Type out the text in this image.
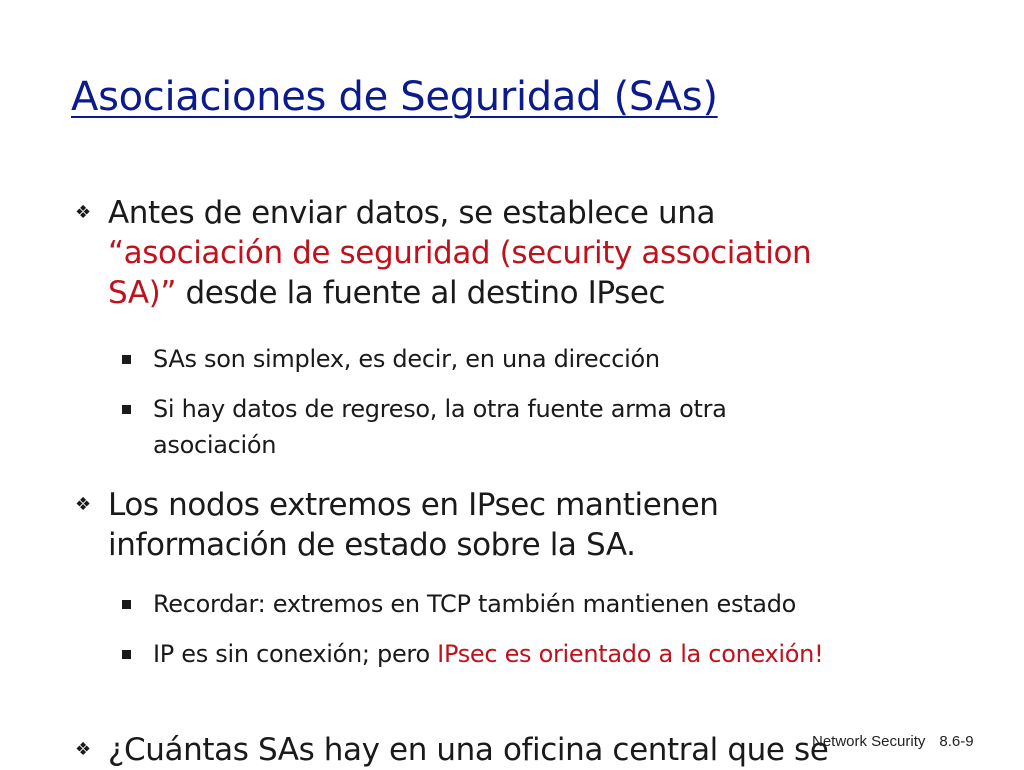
Asociaciones de Seguridad (SAs)
❖ Antes de enviar datos, se establece una “asociación de seguridad (security association SA)” desde la fuente al destino IPsec
SAs son simplex, es decir, en una dirección
Si hay datos de regreso, la otra fuente arma otra asociación
❖ Los nodos extremos en IPsec mantienen información de estado sobre la SA.
Recordar: extremos en TCP también mantienen estado
IP es sin conexión; pero IPsec es orientado a la conexión!
❖ ¿Cuántas SAs hay en una oficina central que se
Network Security 8.6-9
